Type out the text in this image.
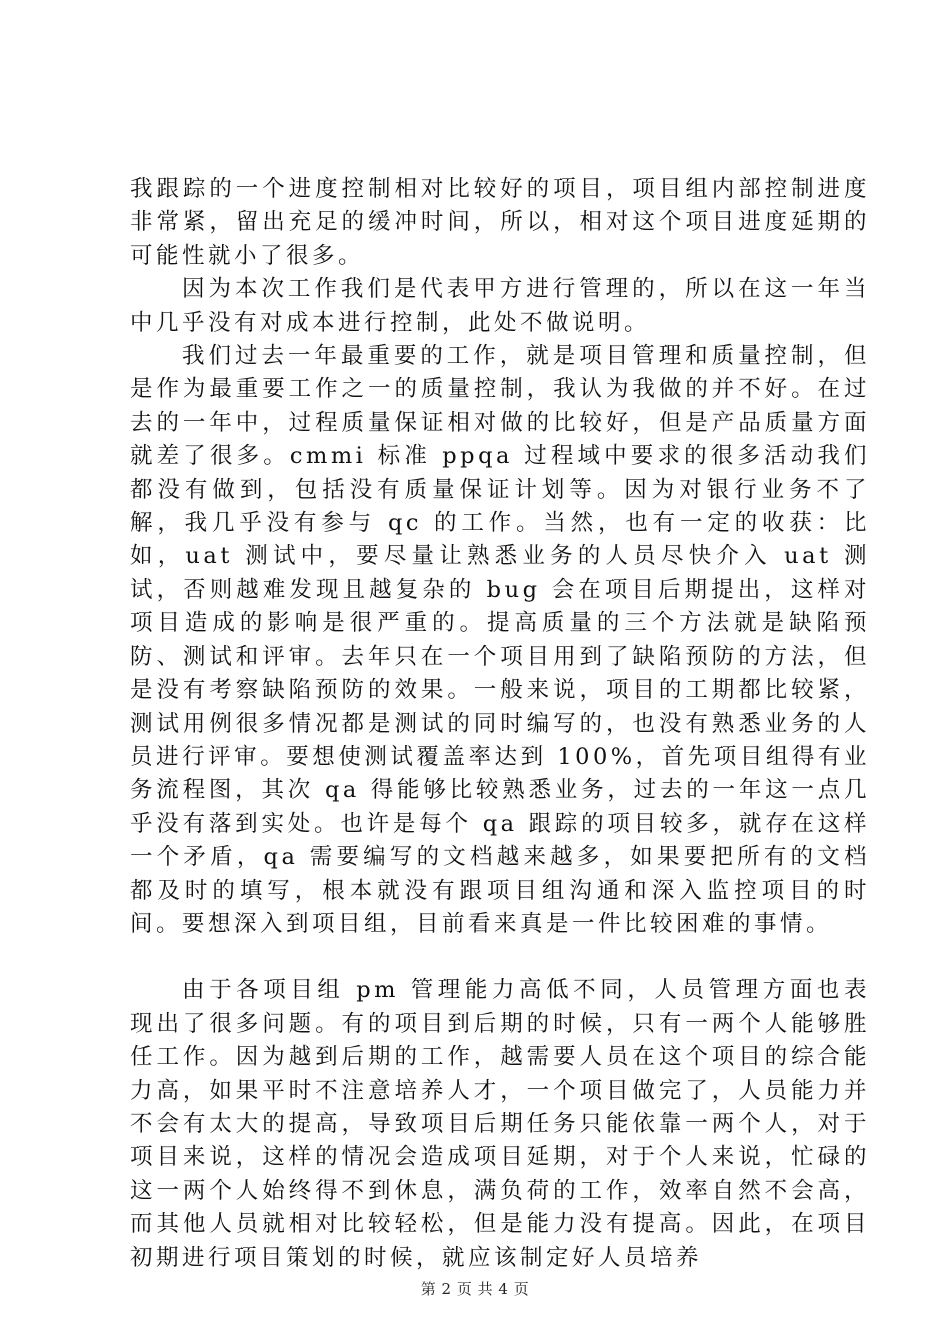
我跟踪的一个进度控制相对比较好的项目，项目组内部控制进度非常紧，留出充足的缓冲时间，所以，相对这个项目进度延期的可能性就小了很多。

因为本次工作我们是代表甲方进行管理的，所以在这一年当中几乎没有对成本进行控制，此处不做说明。

我们过去一年最重要的工作，就是项目管理和质量控制，但是作为最重要工作之一的质量控制，我认为我做的并不好。在过去的一年中，过程质量保证相对做的比较好，但是产品质量方面就差了很多。cmmi 标准 ppqa 过程域中要求的很多活动我们都没有做到，包括没有质量保证计划等。因为对银行业务不了解，我几乎没有参与 qc 的工作。当然，也有一定的收获：比如，uat 测试中，要尽量让熟悉业务的人员尽快介入 uat 测试，否则越难发现且越复杂的 bug 会在项目后期提出，这样对项目造成的影响是很严重的。提高质量的三个方法就是缺陷预防、测试和评审。去年只在一个项目用到了缺陷预防的方法，但是没有考察缺陷预防的效果。一般来说，项目的工期都比较紧，测试用例很多情况都是测试的同时编写的，也没有熟悉业务的人员进行评审。要想使测试覆盖率达到 100%，首先项目组得有业务流程图，其次 qa 得能够比较熟悉业务，过去的一年这一点几乎没有落到实处。也许是每个 qa 跟踪的项目较多，就存在这样一个矛盾，qa 需要编写的文档越来越多，如果要把所有的文档都及时的填写，根本就没有跟项目组沟通和深入监控项目的时间。要想深入到项目组，目前看来真是一件比较困难的事情。

由于各项目组 pm 管理能力高低不同，人员管理方面也表现出了很多问题。有的项目到后期的时候，只有一两个人能够胜任工作。因为越到后期的工作，越需要人员在这个项目的综合能力高，如果平时不注意培养人才，一个项目做完了，人员能力并不会有太大的提高，导致项目后期任务只能依靠一两个人，对于项目来说，这样的情况会造成项目延期，对于个人来说，忙碌的这一两个人始终得不到休息，满负荷的工作，效率自然不会高，而其他人员就相对比较轻松，但是能力没有提高。因此，在项目初期进行项目策划的时候，就应该制定好人员培养

第 2 页 共 4 页
